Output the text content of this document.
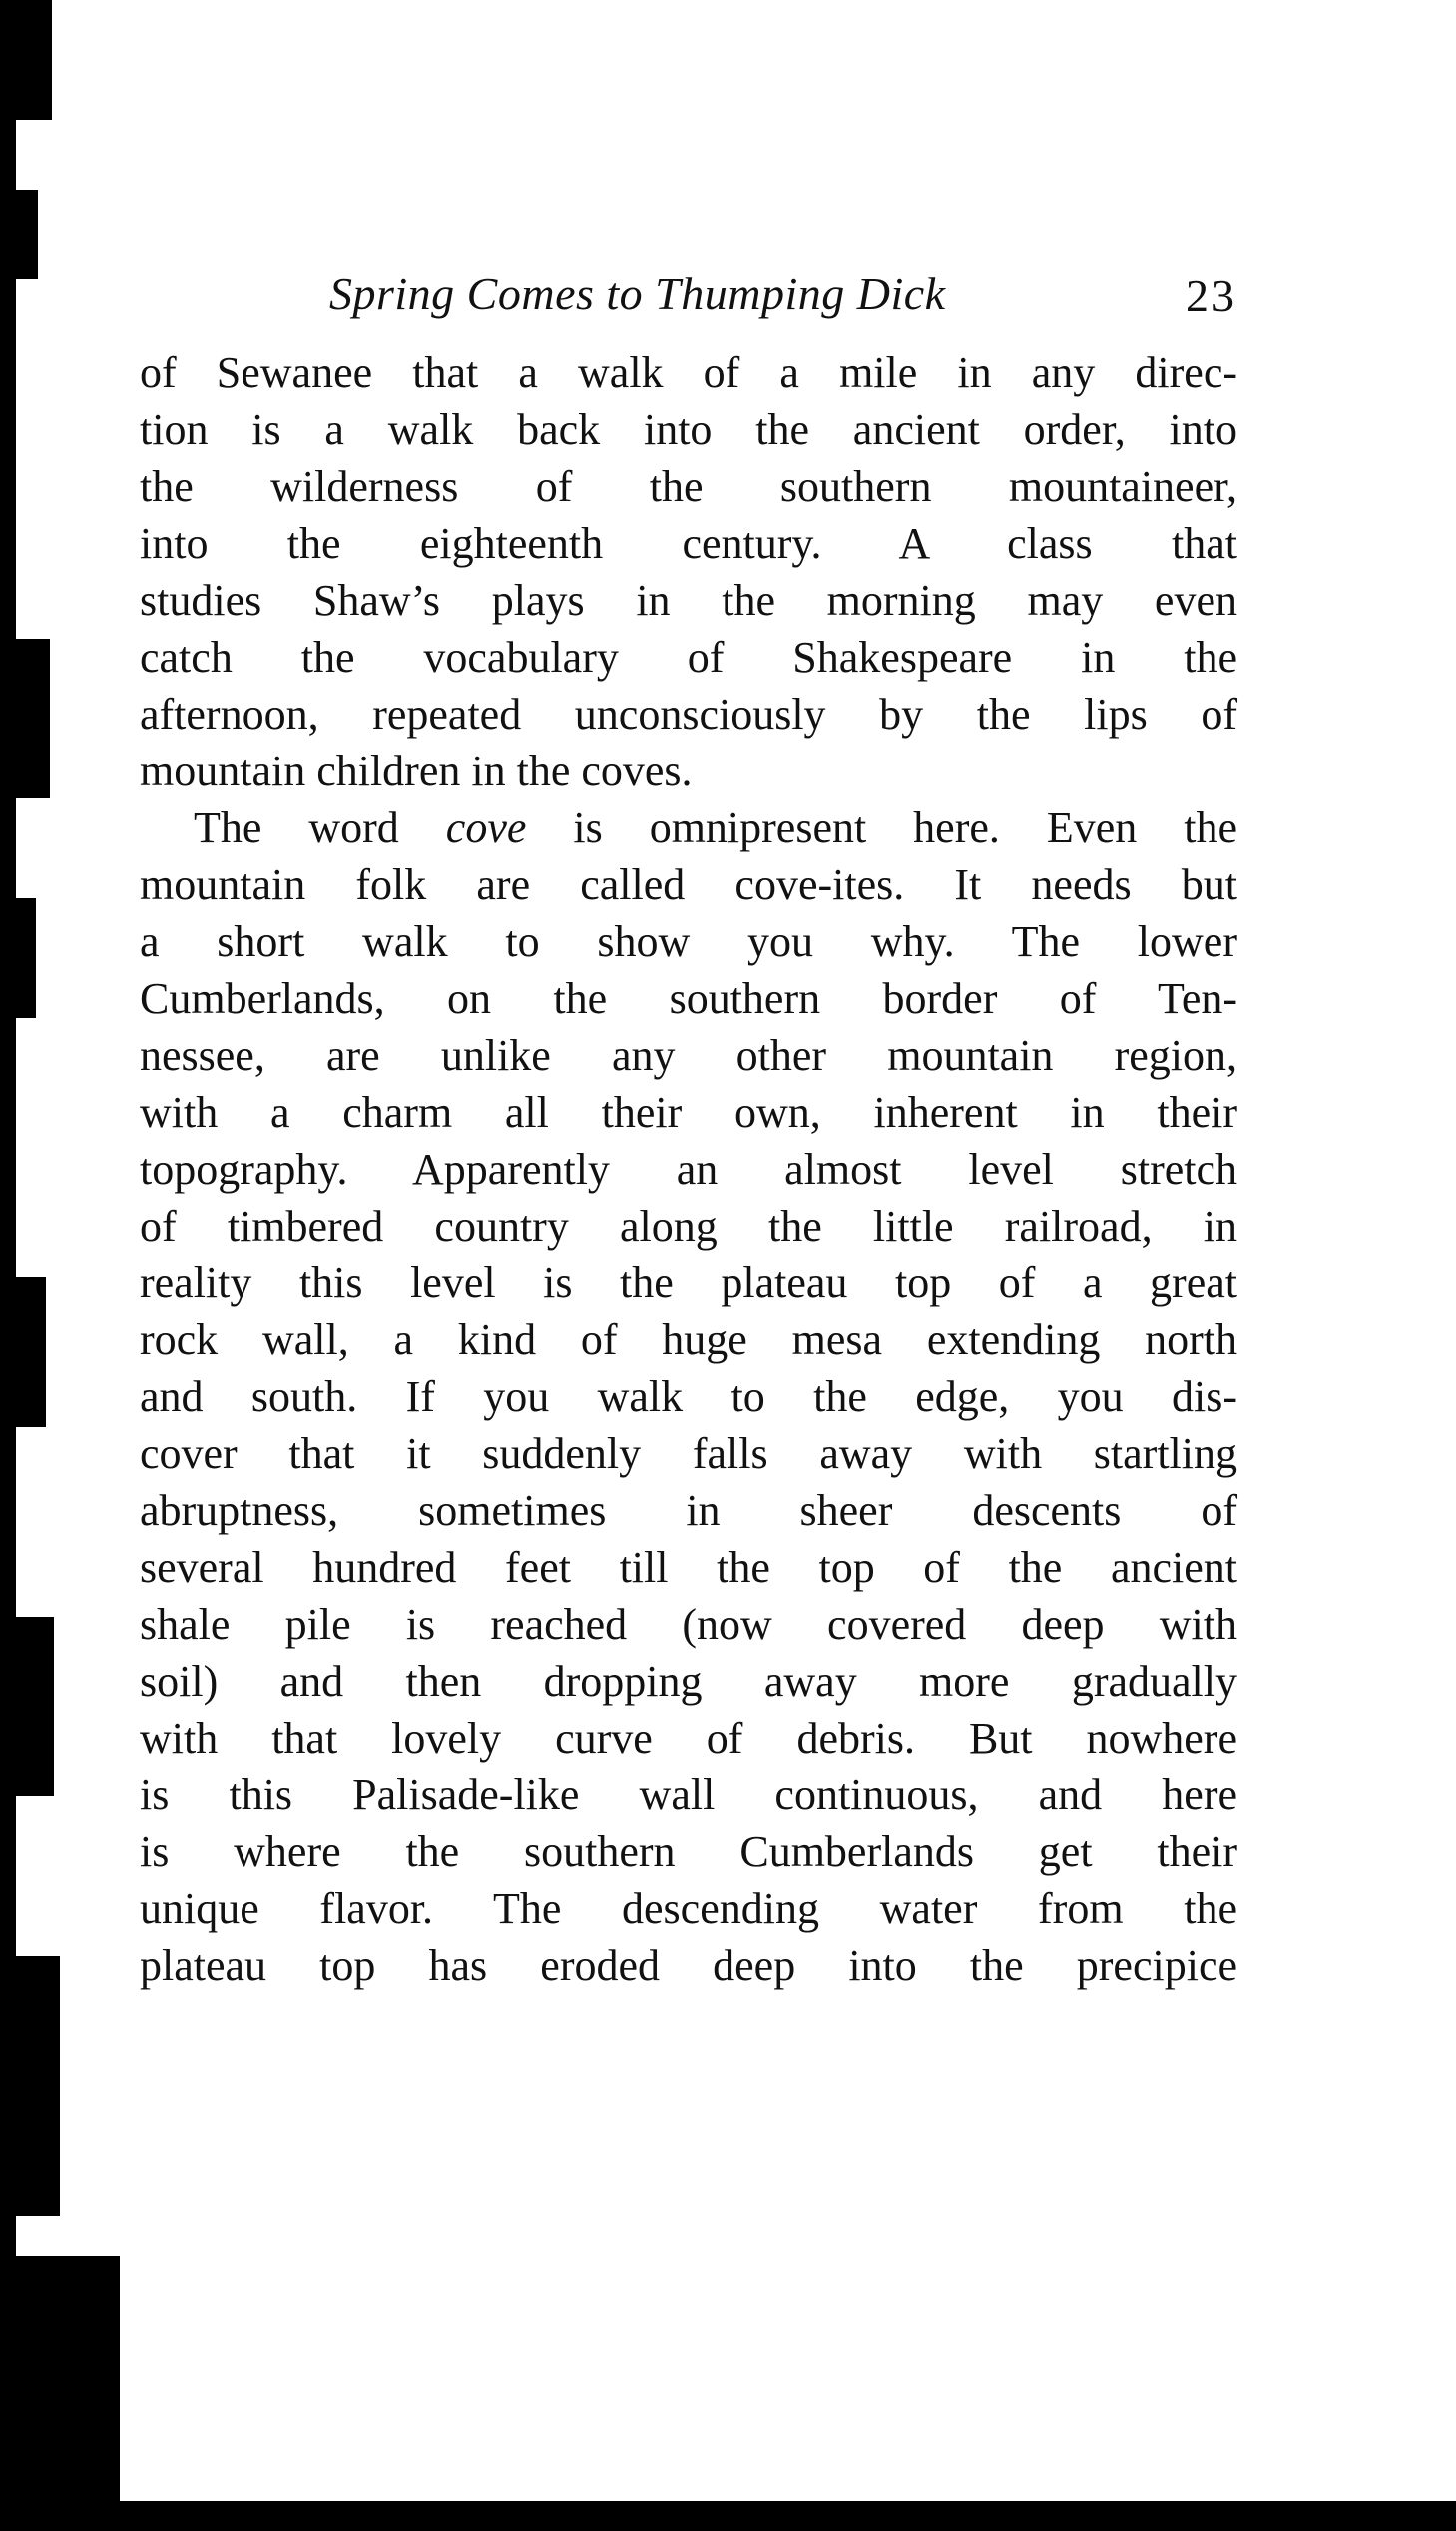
Spring Comes to Thumping Dick	23
of Sewanee that a walk of a mile in any direc-
tion is a walk back into the ancient order, into
the wilderness of the southern mountaineer,
into the eighteenth century. A class that
studies Shaw’s plays in the morning may even
catch the vocabulary of Shakespeare in the
afternoon, repeated unconsciously by the lips of
mountain children in the coves.
The word cove is omnipresent here. Even the
mountain folk are called cove-ites. It needs but
a short walk to show you why. The lower
Cumberlands, on the southern border of Ten-
nessee, are unlike any other mountain region,
with a charm all their own, inherent in their
topography. Apparently an almost level stretch
of timbered country along the little railroad, in
reality this level is the plateau top of a great
rock wall, a kind of huge mesa extending north
and south. If you walk to the edge, you dis-
cover that it suddenly falls away with startling
abruptness, sometimes in sheer descents of
several hundred feet till the top of the ancient
shale pile is reached (now covered deep with
soil) and then dropping away more gradually
with that lovely curve of debris. But nowhere
is this Palisade-like wall continuous, and here
is where the southern Cumberlands get their
unique flavor. The descending water from the
plateau top has eroded deep into the precipice
